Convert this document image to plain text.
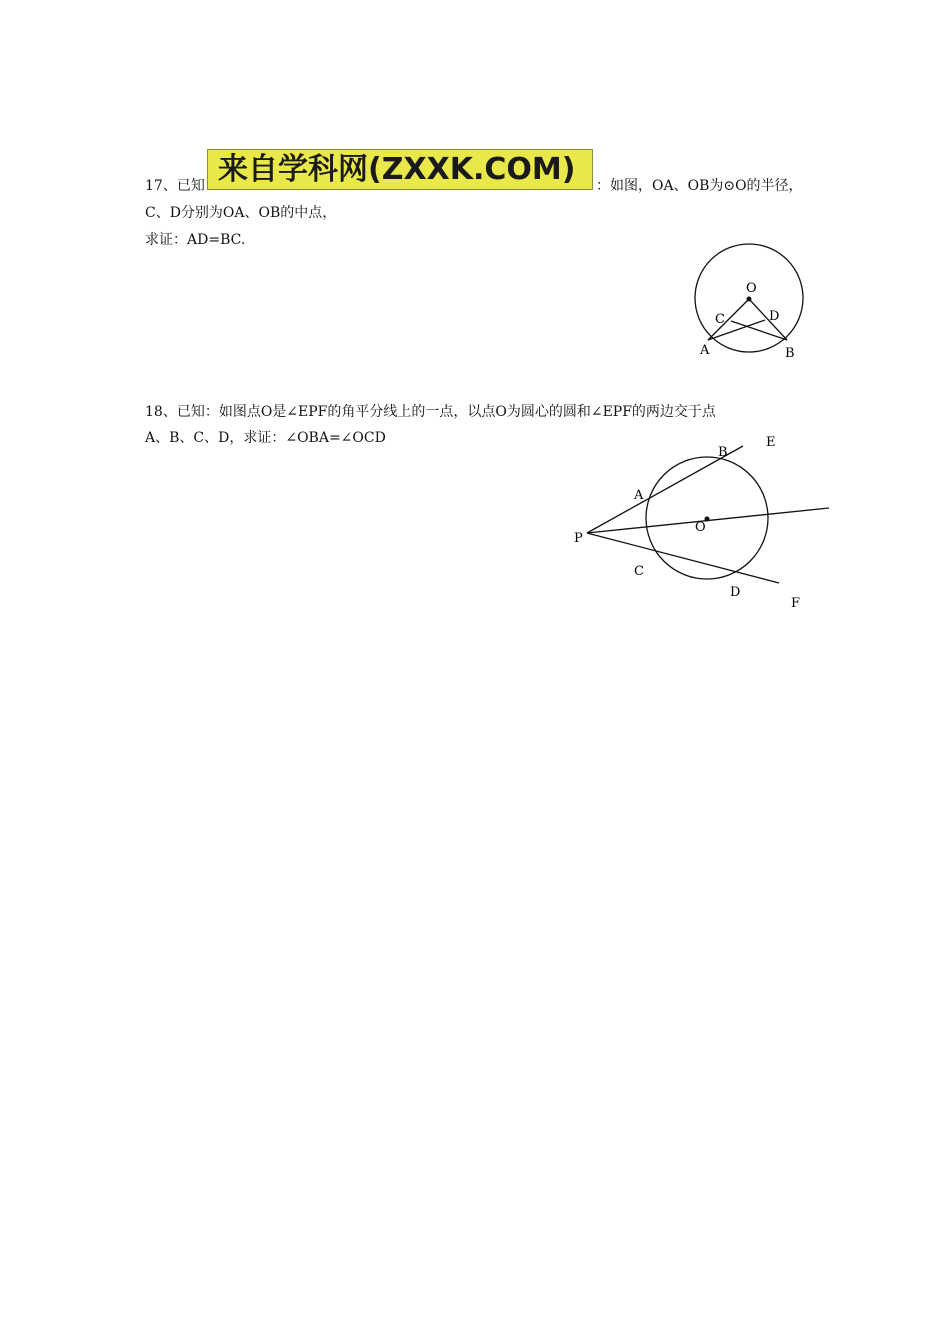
17、已知 来自学科网(ZXXK.COM)	：如图，OA、OB为⊙O的半径，
C、D分别为OA、OB的中点，
求证：AD=BC.
O
C	D
A	B
18、已知：如图点O是∠EPF的角平分线上的一点，以点O为圆心的圆和∠EPF的两边交于点
A、B、C、D，求证：∠OBA=∠OCD
B
E
A
O
P
C
D
F
